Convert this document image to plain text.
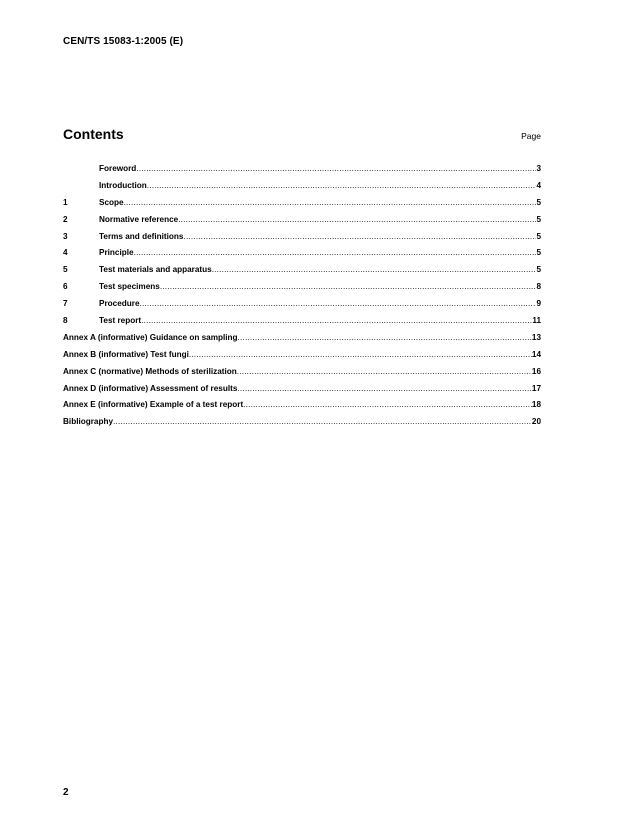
CEN/TS 15083-1:2005 (E)
Contents	Page
Foreword .....	3
Introduction .....	4
1	Scope .....	5
2	Normative reference .....	5
3	Terms and definitions .....	5
4	Principle .....	5
5	Test materials and apparatus .....	5
6	Test specimens .....	8
7	Procedure .....	9
8	Test report .....	11
Annex A (informative) Guidance on sampling .....	13
Annex B (informative) Test fungi .....	14
Annex C (normative) Methods of sterilization .....	16
Annex D (informative) Assessment of results .....	17
Annex E (informative) Example of a test report .....	18
Bibliography .....	20
2
